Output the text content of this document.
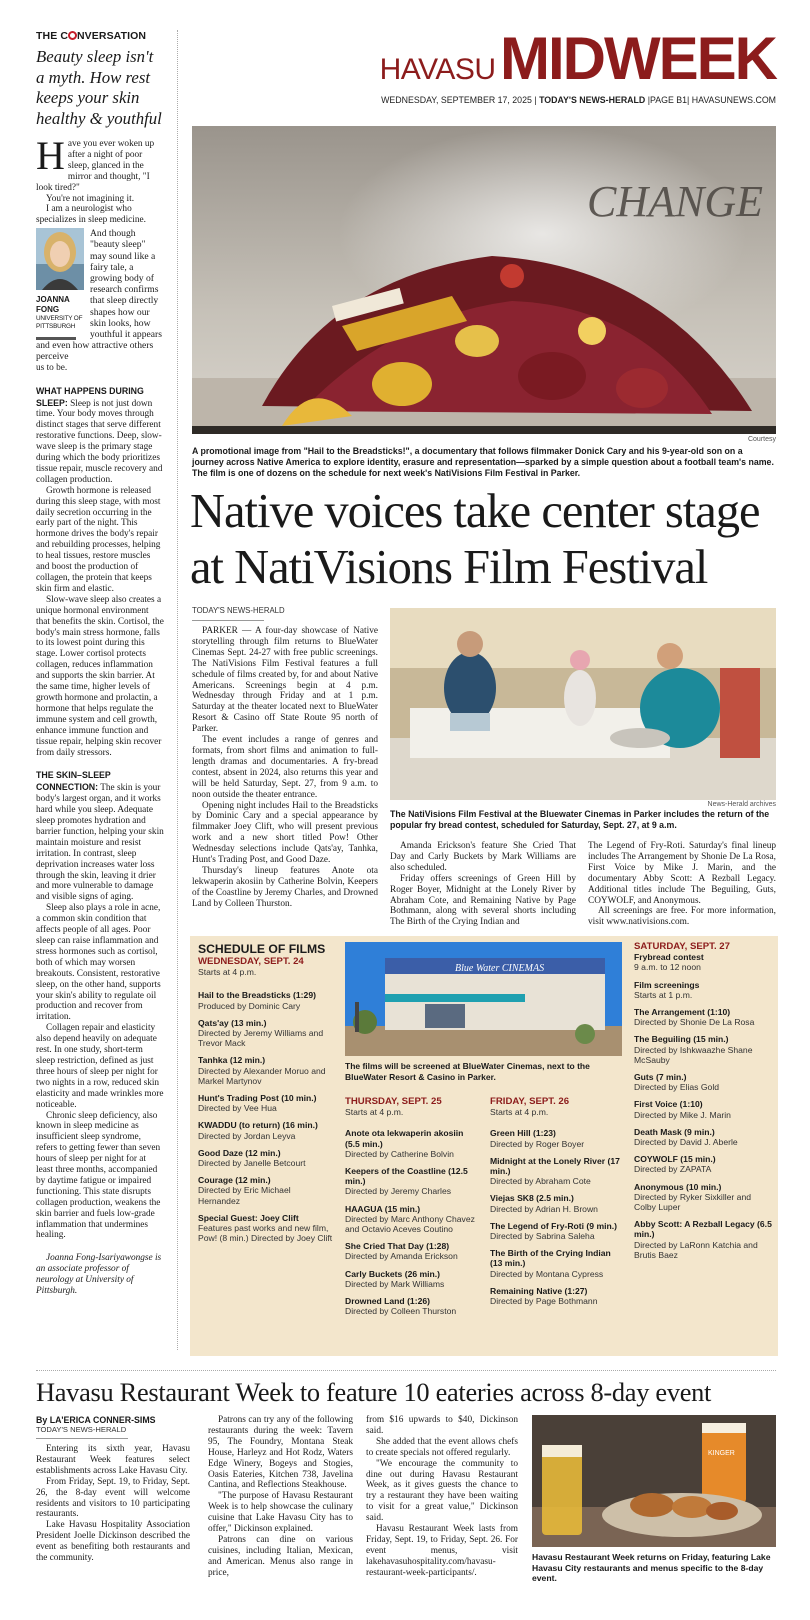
THE C NVERSATION
Beauty sleep isn't a myth. How rest keeps your skin healthy & youthful
H ave you ever woken up after a night of poor sleep, glanced in the mirror and thought, "I look tired?"

You're not imagining it.

I am a neurologist who specializes in sleep medicine.

JOANNA FONG
UNIVERSITY OF PITTSBURGH

And though "beauty sleep" may sound like a fairy tale, a growing body of research confirms that sleep directly shapes how our skin looks, how youthful it appears and even how attractive others perceive

us to be.

WHAT HAPPENS DURING SLEEP: Sleep is not just down time. Your body moves through distinct stages that serve different restorative functions. Deep, slow-wave sleep is the primary stage during which the body prioritizes tissue repair, muscle recovery and collagen production.

Growth hormone is released during this sleep stage, with most daily secretion occurring in the early part of the night. This hormone drives the body's repair and rebuilding processes, helping to heal tissues, restore muscles and boost the production of collagen, the protein that keeps skin firm and elastic.

Slow-wave sleep also creates a unique hormonal environment that benefits the skin. Cortisol, the body's main stress hormone, falls to its lowest point during this stage. Lower cortisol protects collagen, reduces inflammation and supports the skin barrier. At the same time, higher levels of growth hormone and prolactin, a hormone that helps regulate the immune system and cell growth, enhance immune function and tissue repair, helping skin recover from daily stressors.

THE SKIN–SLEEP CONNECTION: The skin is your body's largest organ, and it works hard while you sleep. Adequate sleep promotes hydration and barrier function, helping your skin maintain moisture and resist irritation. In contrast, sleep deprivation increases water loss through the skin, leaving it drier and more vulnerable to damage and visible signs of aging.

Sleep also plays a role in acne, a common skin condition that affects people of all ages. Poor sleep can raise inflammation and stress hormones such as cortisol, both of which may worsen breakouts. Consistent, restorative sleep, on the other hand, supports your skin's ability to regulate oil production and recover from irritation.

Collagen repair and elasticity also depend heavily on adequate rest. In one study, short-term sleep restriction, defined as just three hours of sleep per night for two nights in a row, reduced skin elasticity and made wrinkles more noticeable.

Chronic sleep deficiency, also known in sleep medicine as insufficient sleep syndrome, refers to getting fewer than seven hours of sleep per night for at least three months, accompanied by daytime fatigue or impaired functioning. This state disrupts collagen production, weakens the skin barrier and fuels low-grade inflammation that undermines healing.

Joanna Fong-Isariyawongse is an associate professor of neurology at University of Pittsburgh.

HAVASU MIDWEEK
WEDNESDAY, SEPTEMBER 17, 2025 | TODAY'S NEWS-HERALD |PAGE B1| HAVASUNEWS.COM
CHANGE
Courtesy
A promotional image from "Hail to the Breadsticks!", a documentary that follows filmmaker Donick Cary and his 9-year-old son on a journey across Native America to explore identity, erasure and representation—sparked by a simple question about a football team's name. The film is one of dozens on the schedule for next week's NatiVisions Film Festival in Parker.
Native voices take center stage
at NatiVisions Film Festival
TODAY'S NEWS-HERALD

PARKER — A four-day showcase of Native storytelling through film returns to BlueWater Cinemas Sept. 24-27 with free public screenings. The NatiVisions Film Festival features a full schedule of films created by, for and about Native Americans. Screenings begin at 4 p.m. Wednesday through Friday and at 1 p.m. Saturday at the theater located next to BlueWater Resort & Casino off State Route 95 north of Parker.

The event includes a range of genres and formats, from short films and animation to full-length dramas and documentaries. A fry-bread contest, absent in 2024, also returns this year and will be held Saturday, Sept. 27, from 9 a.m. to noon outside the theater entrance.

Opening night includes Hail to the Breadsticks by Dominic Cary and a special appearance by filmmaker Joey Clift, who will present previous work and a new short titled Pow! Other Wednesday selections include Qats'ay, Tanhka, Hunt's Trading Post, and Good Daze.

Thursday's lineup features Anote ota lekwaperin akosiin by Catherine Bolvin, Keepers of the Coastline by Jeremy Charles, and Drowned Land by Colleen Thurston.

News-Herald archives
The NatiVisions Film Festival at the Bluewater Cinemas in Parker includes the return of the popular fry bread contest, scheduled for Saturday, Sept. 27, at 9 a.m.

Amanda Erickson's feature She Cried That Day and Carly Buckets by Mark Williams are also scheduled.

Friday offers screenings of Green Hill by Roger Boyer, Midnight at the Lonely River by Abraham Cote, and Remaining Native by Page Bothmann, along with several shorts including The Birth of the Crying Indian and

The Legend of Fry-Roti. Saturday's final lineup includes The Arrangement by Shonie De La Rosa, First Voice by Mike J. Marin, and the documentary Abby Scott: A Rezball Legacy. Additional titles include The Beguiling, Guts, COYWOLF, and Anonymous.

All screenings are free. For more information, visit www.nativisions.com.

SCHEDULE OF FILMS
WEDNESDAY, SEPT. 24
Starts at 4 p.m.
Hail to the Breadsticks (1:29)
Produced by Dominic Cary
Qats'ay (13 min.)
Directed by Jeremy Williams and Trevor Mack
Tanhka (12 min.)
Directed by Alexander Moruo and Markel Martynov
Hunt's Trading Post (10 min.)
Directed by Vee Hua
KWADDU (to return) (16 min.)
Directed by Jordan Leyva
Good Daze (12 min.)
Directed by Janelle Betcourt
Courage (12 min.)
Directed by Eric Michael Hernandez
Special Guest: Joey Clift
Features past works and new film, Pow! (8 min.) Directed by Joey Clift
Blue Water CINEMAS
The films will be screened at BlueWater Cinemas, next to the BlueWater Resort & Casino in Parker.
THURSDAY, SEPT. 25
Starts at 4 p.m.
Anote ota lekwaperin akosiin (5.5 min.)
Directed by Catherine Bolvin
Keepers of the Coastline (12.5 min.)
Directed by Jeremy Charles
HAAGUA (15 min.)
Directed by Marc Anthony Chavez and Octavio Aceves Coutino
She Cried That Day (1:28)
Directed by Amanda Erickson
Carly Buckets (26 min.)
Directed by Mark Williams
Drowned Land (1:26)
Directed by Colleen Thurston
FRIDAY, SEPT. 26
Starts at 4 p.m.
Green Hill (1:23)
Directed by Roger Boyer
Midnight at the Lonely River (17 min.)
Directed by Abraham Cote
Viejas SK8 (2.5 min.)
Directed by Adrian H. Brown
The Legend of Fry-Roti (9 min.)
Directed by Sabrina Saleha
The Birth of the Crying Indian (13 min.)
Directed by Montana Cypress
Remaining Native (1:27)
Directed by Page Bothmann
SATURDAY, SEPT. 27
Frybread contest
9 a.m. to 12 noon
Film screenings
Starts at 1 p.m.
The Arrangement (1:10)
Directed by Shonie De La Rosa
The Beguiling (15 min.)
Directed by Ishkwaazhe Shane McSauby
Guts (7 min.)
Directed by Elias Gold
First Voice (1:10)
Directed by Mike J. Marin
Death Mask (9 min.)
Directed by David J. Aberle
COYWOLF (15 min.)
Directed by ZAPATA
Anonymous (10 min.)
Directed by Ryker Sixkiller and Colby Luper
Abby Scott: A Rezball Legacy (6.5 min.)
Directed by LaRonn Katchia and Brutis Baez
Havasu Restaurant Week to feature 10 eateries across 8-day event
By LA'ERICA CONNER-SIMS
TODAY'S NEWS-HERALD

Entering its sixth year, Havasu Restaurant Week features select establishments across Lake Havasu City.

From Friday, Sept. 19, to Friday, Sept. 26, the 8-day event will welcome residents and visitors to 10 participating restaurants.

Lake Havasu Hospitality Association President Joelle Dickinson described the event as benefiting both restaurants and the community.

Patrons can try any of the following restaurants during the week: Tavern 95, The Foundry, Montana Steak House, Harleyz and Hot Rodz, Waters Edge Winery, Bogeys and Stogies, Oasis Eateries, Kitchen 738, Javelina Cantina, and Reflections Steakhouse.

"The purpose of Havasu Restaurant Week is to help showcase the culinary cuisine that Lake Havasu City has to offer," Dickinson explained.

Patrons can dine on various cuisines, including Italian, Mexican, and American. Menus also range in price,

from $16 upwards to $40, Dickinson said.

She added that the event allows chefs to create specials not offered regularly.

"We encourage the community to dine out during Havasu Restaurant Week, as it gives guests the chance to try a restaurant they have been waiting to visit for a great value," Dickinson said.

Havasu Restaurant Week lasts from Friday, Sept. 19, to Friday, Sept. 26. For event menus, visit lakehavasuhospitality.com/havasu-restaurant-week-participants/.

KINGER
Havasu Restaurant Week returns on Friday, featuring Lake Havasu City restaurants and menus specific to the 8-day event.
